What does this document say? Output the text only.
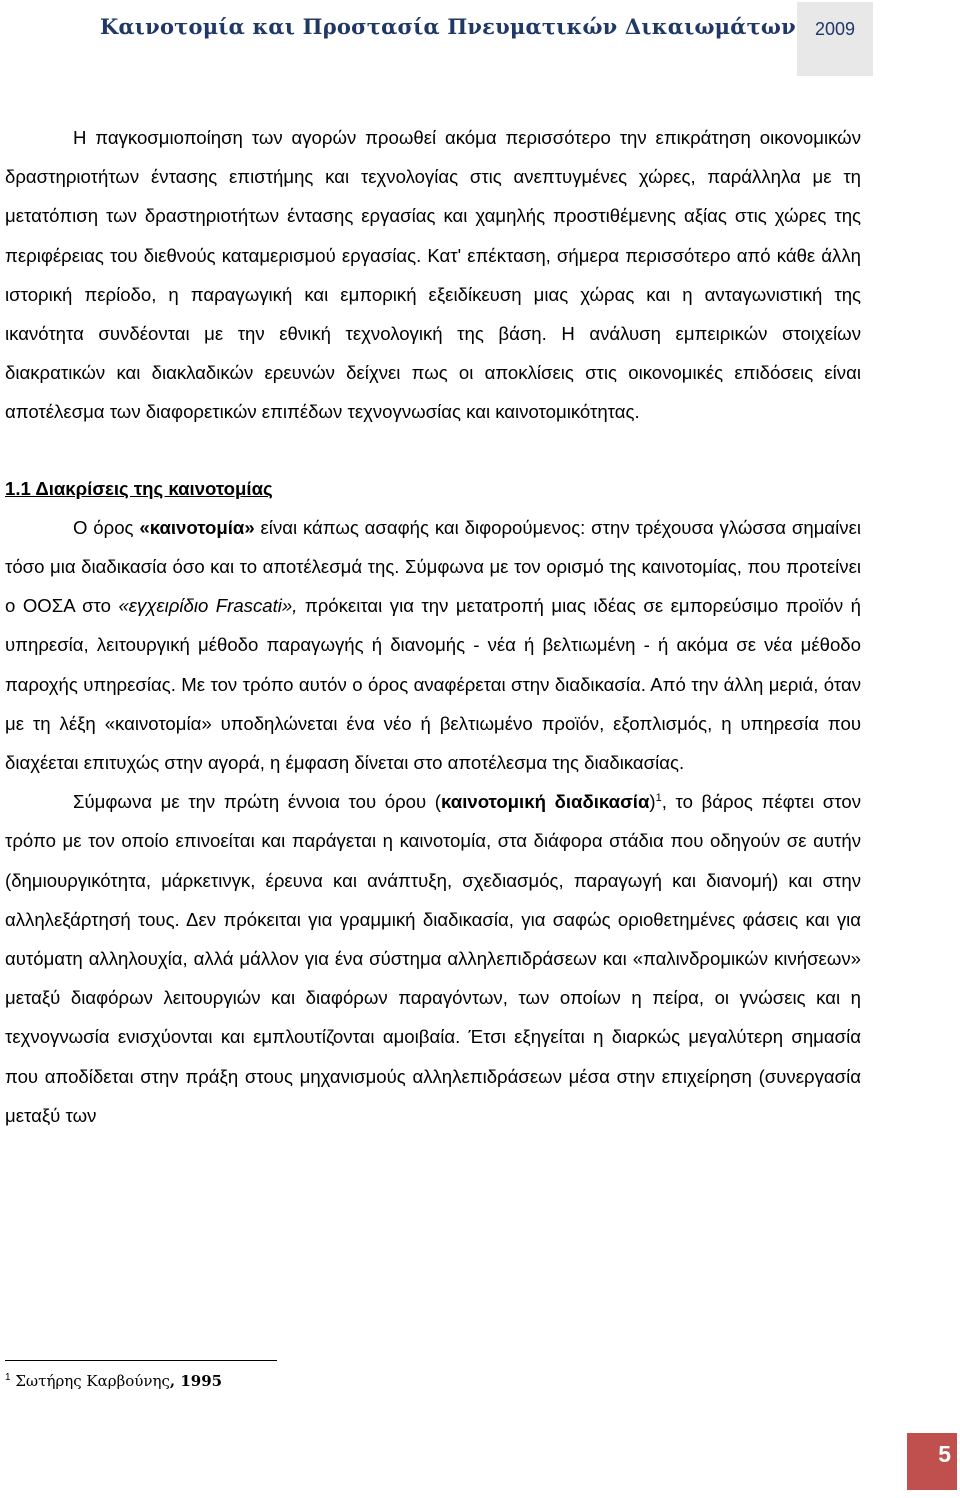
Καινοτομία και Προστασία Πνευματικών Δικαιωμάτων	2009

Η παγκοσμιοποίηση των αγορών προωθεί ακόμα περισσότερο την επικράτηση οικονομικών δραστηριοτήτων έντασης επιστήμης και τεχνολογίας στις ανεπτυγμένες χώρες, παράλληλα με τη μετατόπιση των δραστηριοτήτων έντασης εργασίας και χαμηλής προστιθέμενης αξίας στις χώρες της περιφέρειας του διεθνούς καταμερισμού εργασίας. Κατ' επέκταση, σήμερα περισσότερο από κάθε άλλη ιστορική περίοδο, η παραγωγική και εμπορική εξειδίκευση μιας χώρας και η ανταγωνιστική της ικανότητα συνδέονται με την εθνική τεχνολογική της βάση. Η ανάλυση εμπειρικών στοιχείων διακρατικών και διακλαδικών ερευνών δείχνει πως οι αποκλίσεις στις οικονομικές επιδόσεις είναι αποτέλεσμα των διαφορετικών επιπέδων τεχνογνωσίας και καινοτομικότητας.

1.1 Διακρίσεις της καινοτομίας

Ο όρος «καινοτομία» είναι κάπως ασαφής και διφορούμενος: στην τρέχουσα γλώσσα σημαίνει τόσο μια διαδικασία όσο και το αποτέλεσμά της. Σύμφωνα με τον ορισμό της καινοτομίας, που προτείνει ο ΟΟΣΑ στο «εγχειρίδιο Frascati», πρόκειται για την μετατροπή μιας ιδέας σε εμπορεύσιμο προϊόν ή υπηρεσία, λειτουργική μέθοδο παραγωγής ή διανομής - νέα ή βελτιωμένη - ή ακόμα σε νέα μέθοδο παροχής υπηρεσίας. Με τον τρόπο αυτόν ο όρος αναφέρεται στην διαδικασία. Από την άλλη μεριά, όταν με τη λέξη «καινοτομία» υποδηλώνεται ένα νέο ή βελτιωμένο προϊόν, εξοπλισμός, η υπηρεσία που διαχέεται επιτυχώς στην αγορά, η έμφαση δίνεται στο αποτέλεσμα της διαδικασίας.

Σύμφωνα με την πρώτη έννοια του όρου (καινοτομική διαδικασία)$^1$, το βάρος πέφτει στον τρόπο με τον οποίο επινοείται και παράγεται η καινοτομία, στα διάφορα στάδια που οδηγούν σε αυτήν (δημιουργικότητα, μάρκετινγκ, έρευνα και ανάπτυξη, σχεδιασμός, παραγωγή και διανομή) και στην αλληλεξάρτησή τους. Δεν πρόκειται για γραμμική διαδικασία, για σαφώς οριοθετημένες φάσεις και για αυτόματη αλληλουχία, αλλά μάλλον για ένα σύστημα αλληλεπιδράσεων και «παλινδρομικών κινήσεων» μεταξύ διαφόρων λειτουργιών και διαφόρων παραγόντων, των οποίων η πείρα, οι γνώσεις και η τεχνογνωσία ενισχύονται και εμπλουτίζονται αμοιβαία. Έτσι εξηγείται η διαρκώς μεγαλύτερη σημασία που αποδίδεται στην πράξη στους μηχανισμούς αλληλεπιδράσεων μέσα στην επιχείρηση (συνεργασία μεταξύ των

$^1$ Σωτήρης Καρβούνης, 1995
5
